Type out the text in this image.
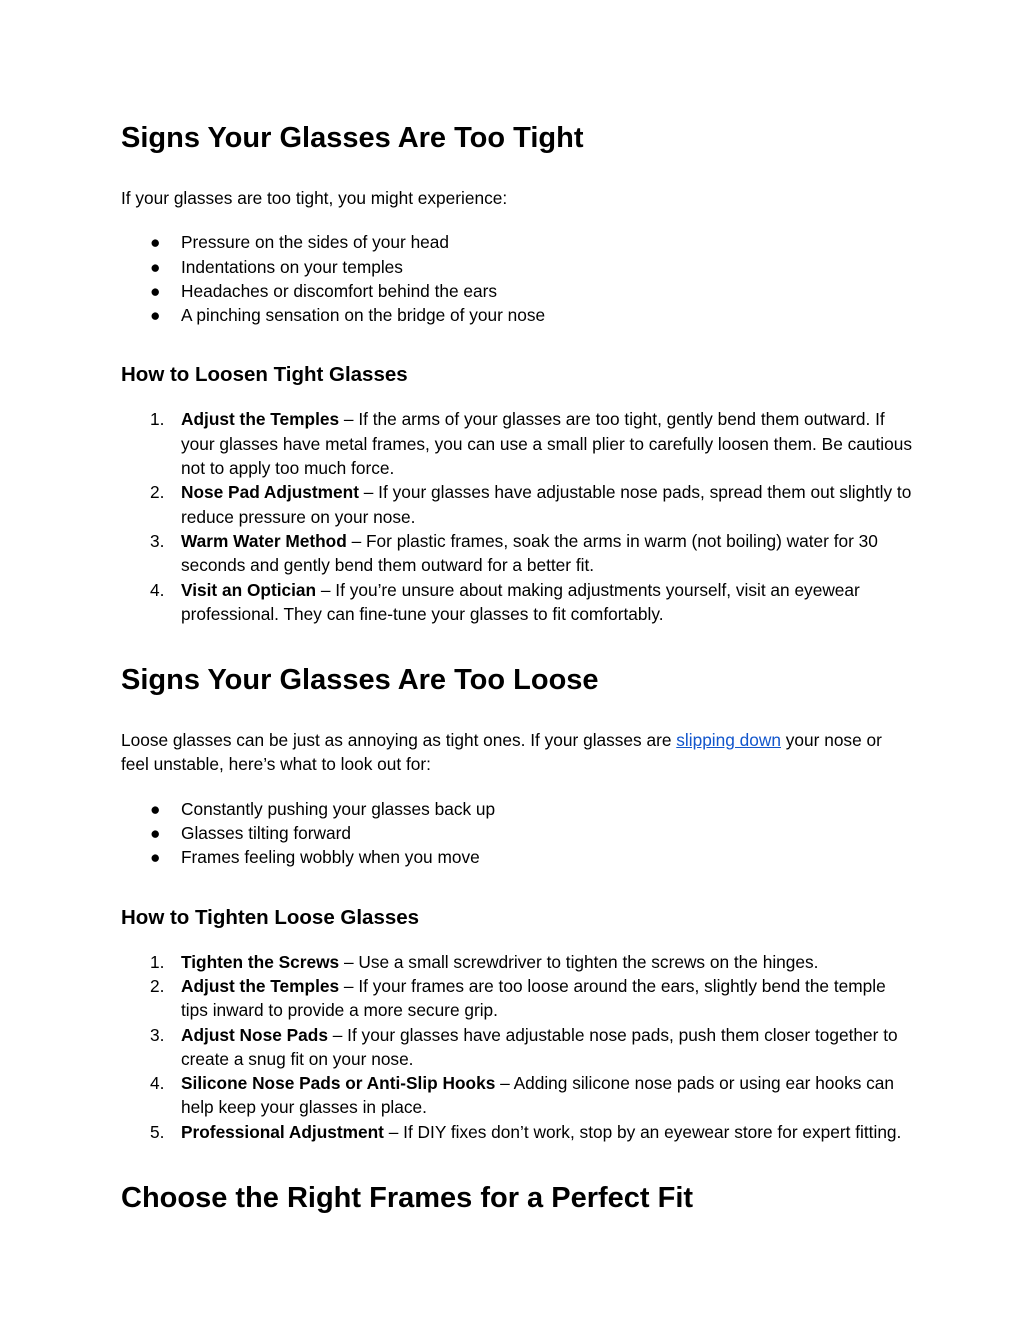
Signs Your Glasses Are Too Tight

If your glasses are too tight, you might experience:

● Pressure on the sides of your head
● Indentations on your temples
● Headaches or discomfort behind the ears
● A pinching sensation on the bridge of your nose
How to Loosen Tight Glasses
1. Adjust the Temples – If the arms of your glasses are too tight, gently bend them outward. If your glasses have metal frames, you can use a small plier to carefully loosen them. Be cautious not to apply too much force.
2. Nose Pad Adjustment – If your glasses have adjustable nose pads, spread them out slightly to reduce pressure on your nose.
3. Warm Water Method – For plastic frames, soak the arms in warm (not boiling) water for 30 seconds and gently bend them outward for a better fit.
4. Visit an Optician – If you’re unsure about making adjustments yourself, visit an eyewear professional. They can fine-tune your glasses to fit comfortably.
Signs Your Glasses Are Too Loose

Loose glasses can be just as annoying as tight ones. If your glasses are slipping down your nose or feel unstable, here’s what to look out for:

● Constantly pushing your glasses back up
● Glasses tilting forward
● Frames feeling wobbly when you move
How to Tighten Loose Glasses
1. Tighten the Screws – Use a small screwdriver to tighten the screws on the hinges.
2. Adjust the Temples – If your frames are too loose around the ears, slightly bend the temple tips inward to provide a more secure grip.
3. Adjust Nose Pads – If your glasses have adjustable nose pads, push them closer together to create a snug fit on your nose.
4. Silicone Nose Pads or Anti-Slip Hooks – Adding silicone nose pads or using ear hooks can help keep your glasses in place.
5. Professional Adjustment – If DIY fixes don’t work, stop by an eyewear store for expert fitting.
Choose the Right Frames for a Perfect Fit
